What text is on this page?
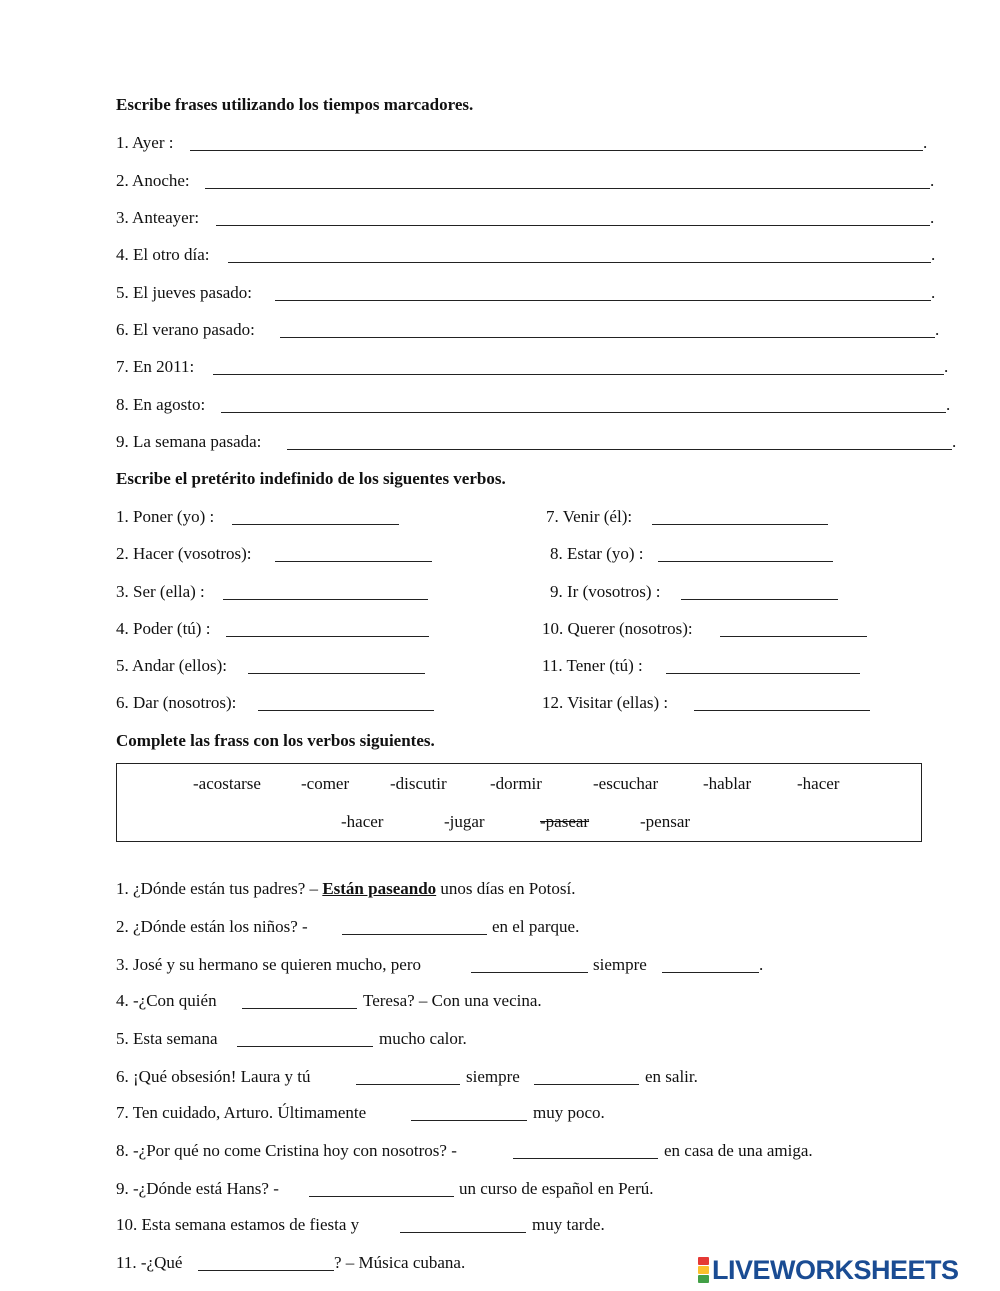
Escribe frases utilizando los tiempos marcadores.
1. Ayer :	.
2. Anoche:	.
3. Anteayer:	.
4. El otro día:	.
5. El jueves pasado:	.
6. El verano pasado:	.
7. En 2011:	.
8. En agosto:	.
9. La semana pasada:	.
Escribe el pretérito indefinido de los siguentes verbos.
1. Poner (yo) :	7. Venir (él):
2. Hacer (vosotros):	8. Estar (yo) :
3. Ser (ella) :	9. Ir (vosotros) :
4. Poder (tú) :	10. Querer (nosotros):
5. Andar (ellos):	11. Tener (tú) :
6. Dar (nosotros):	12. Visitar (ellas) :
Complete las frass con los verbos siguientes.
-acostarse -comer -discutir	-dormir	-escuchar	-hablar	-hacer
-hacer	-jugar	-pasear	-pensar
1. ¿Dónde están tus padres? – Están paseando unos días en Potosí.
2. ¿Dónde están los niños? -	en el parque.
3. José y su hermano se quieren mucho, pero	siempre	.
4. -¿Con quién	Teresa? – Con una vecina.
5. Esta semana	mucho calor.
6. ¡Qué obsesión! Laura y tú	siempre	en salir.
7. Ten cuidado, Arturo. Últimamente	muy poco.
8. -¿Por qué no come Cristina hoy con nosotros? -	en casa de una amiga.
9. -¿Dónde está Hans? -	un curso de español en Perú.
10. Esta semana estamos de fiesta y	muy tarde.
11. -¿Qué	? – Música cubana.	LIVEWORKSHEETS
